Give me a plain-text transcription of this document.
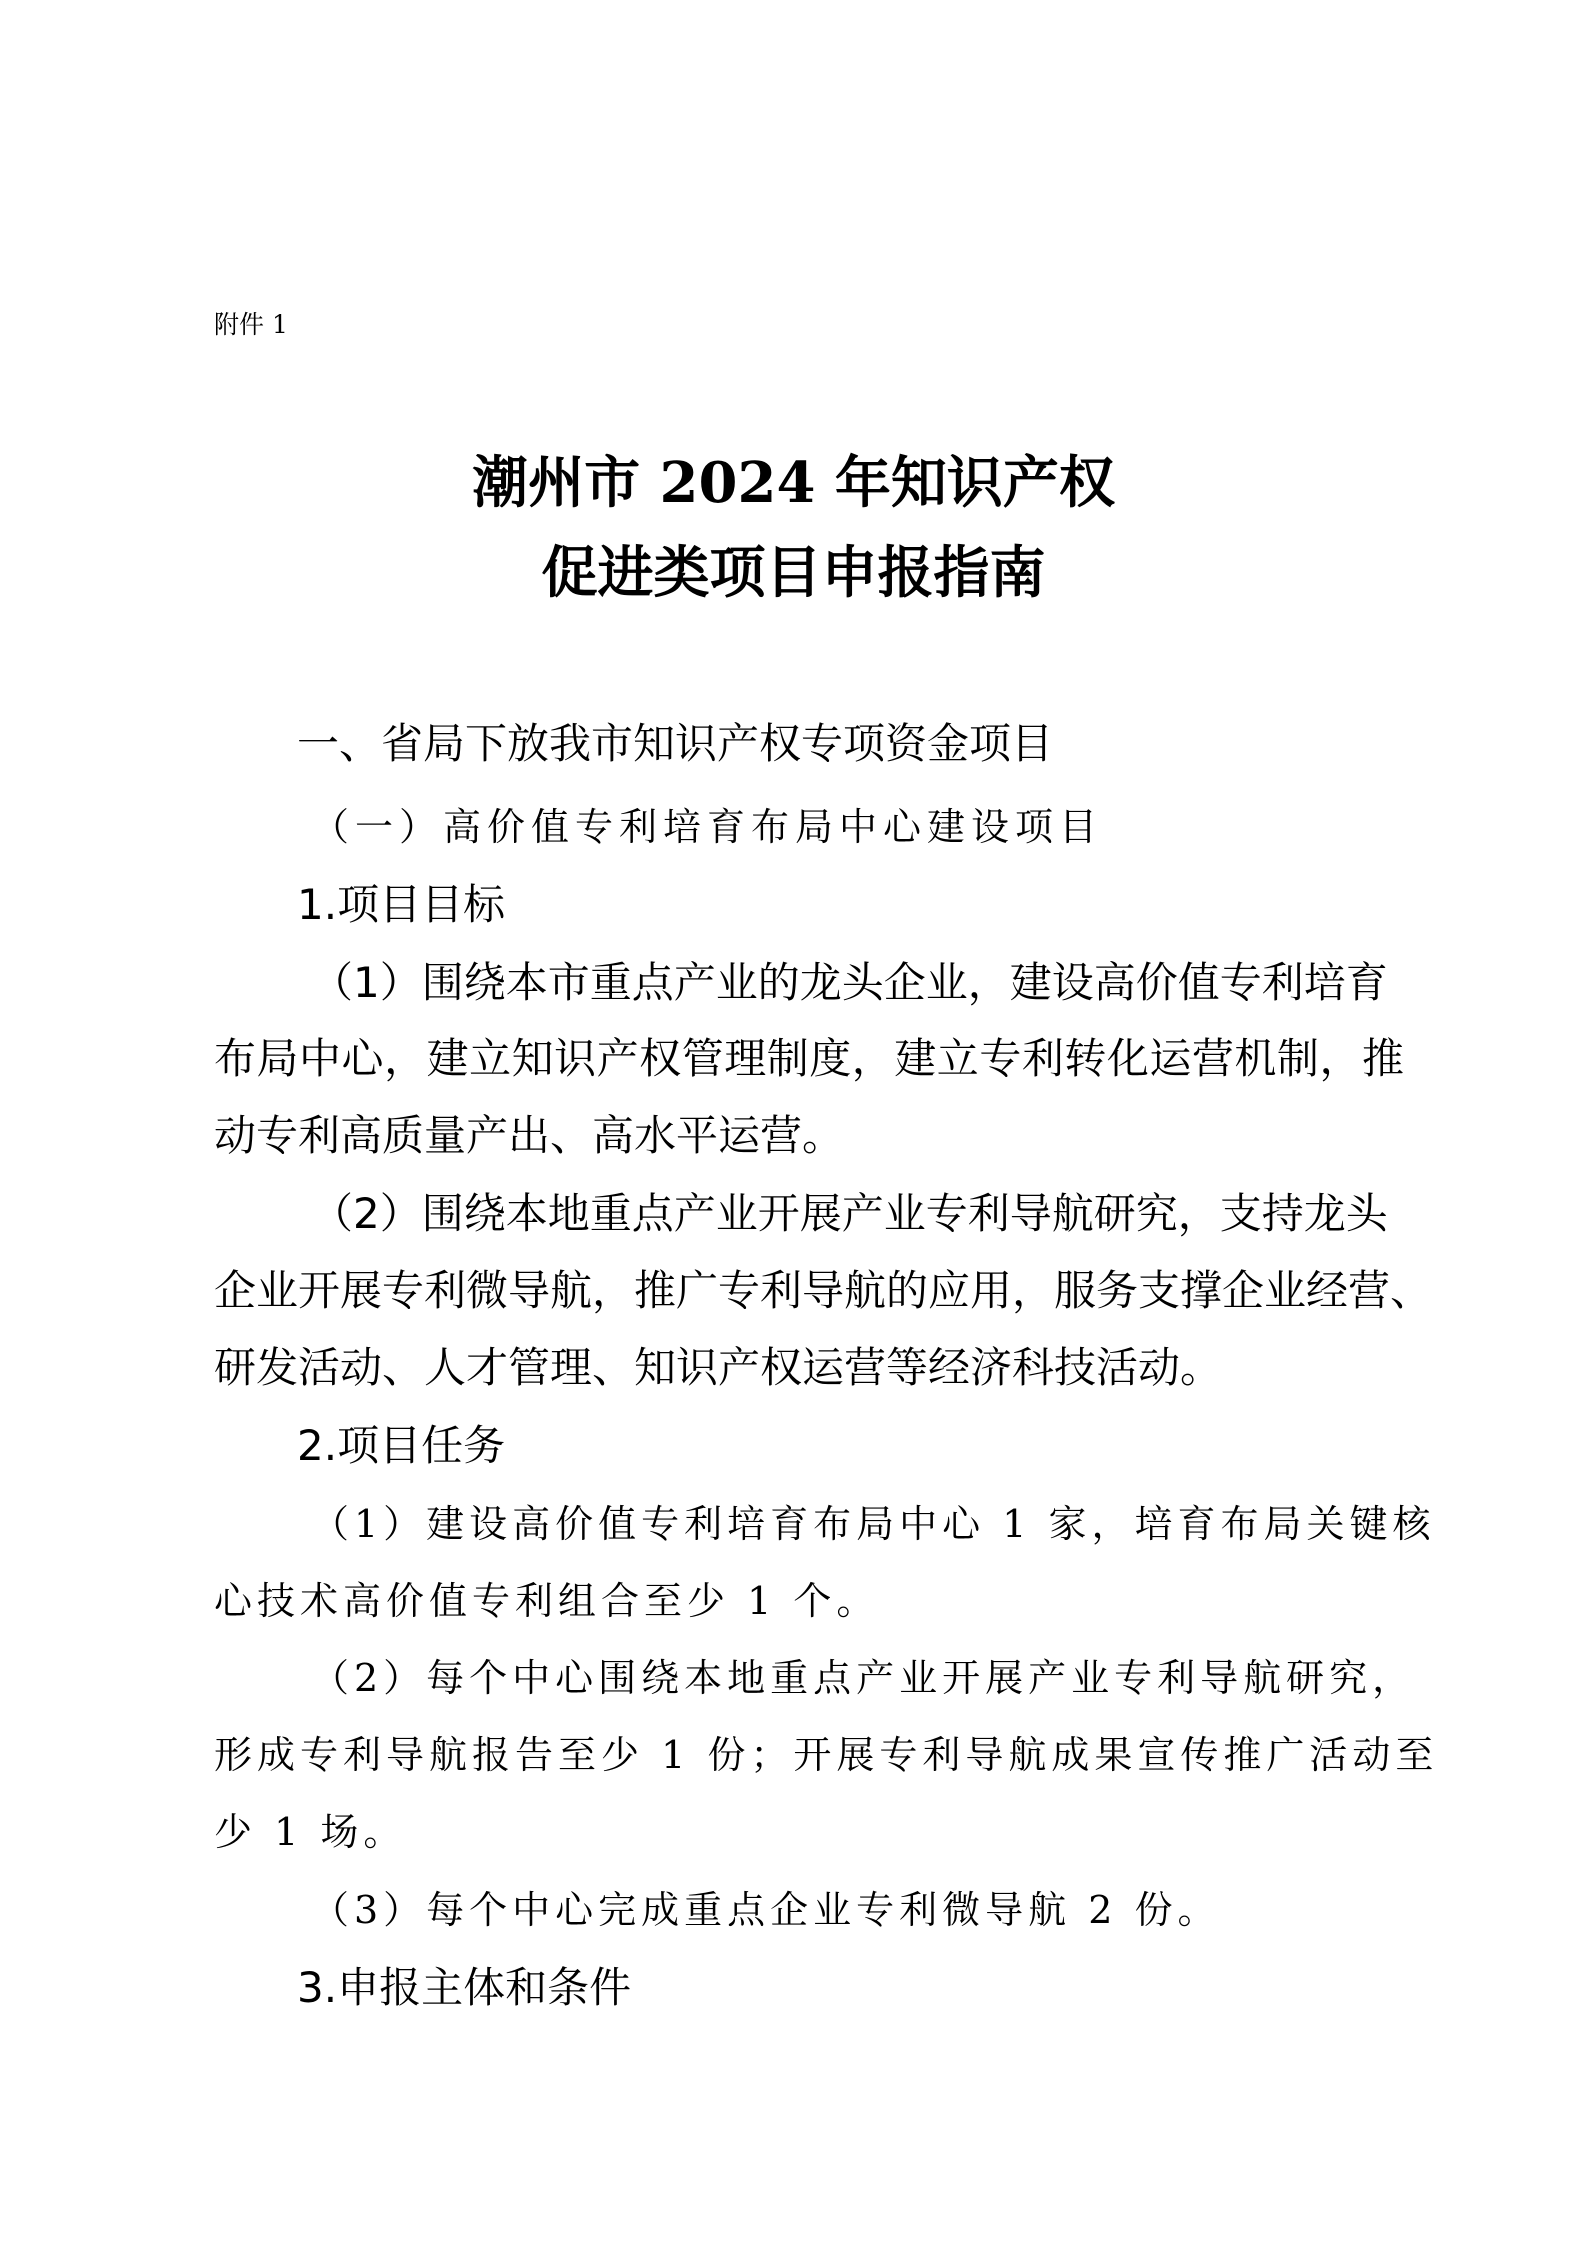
附件 1
潮州市 2024 年知识产权
促进类项目申报指南
一、省局下放我市知识产权专项资金项目
（一）高价值专利培育布局中心建设项目
1.项目目标
（1）围绕本市重点产业的龙头企业，建设高价值专利培育
布局中心，建立知识产权管理制度，建立专利转化运营机制，推
动专利高质量产出、高水平运营。
（2）围绕本地重点产业开展产业专利导航研究，支持龙头
企业开展专利微导航，推广专利导航的应用，服务支撑企业经营、
研发活动、人才管理、知识产权运营等经济科技活动。
2.项目任务
（1）建设高价值专利培育布局中心 1 家，培育布局关键核
心技术高价值专利组合至少 1 个。
（2）每个中心围绕本地重点产业开展产业专利导航研究，
形成专利导航报告至少 1 份；开展专利导航成果宣传推广活动至
少 1 场。
（3）每个中心完成重点企业专利微导航 2 份。
3.申报主体和条件
